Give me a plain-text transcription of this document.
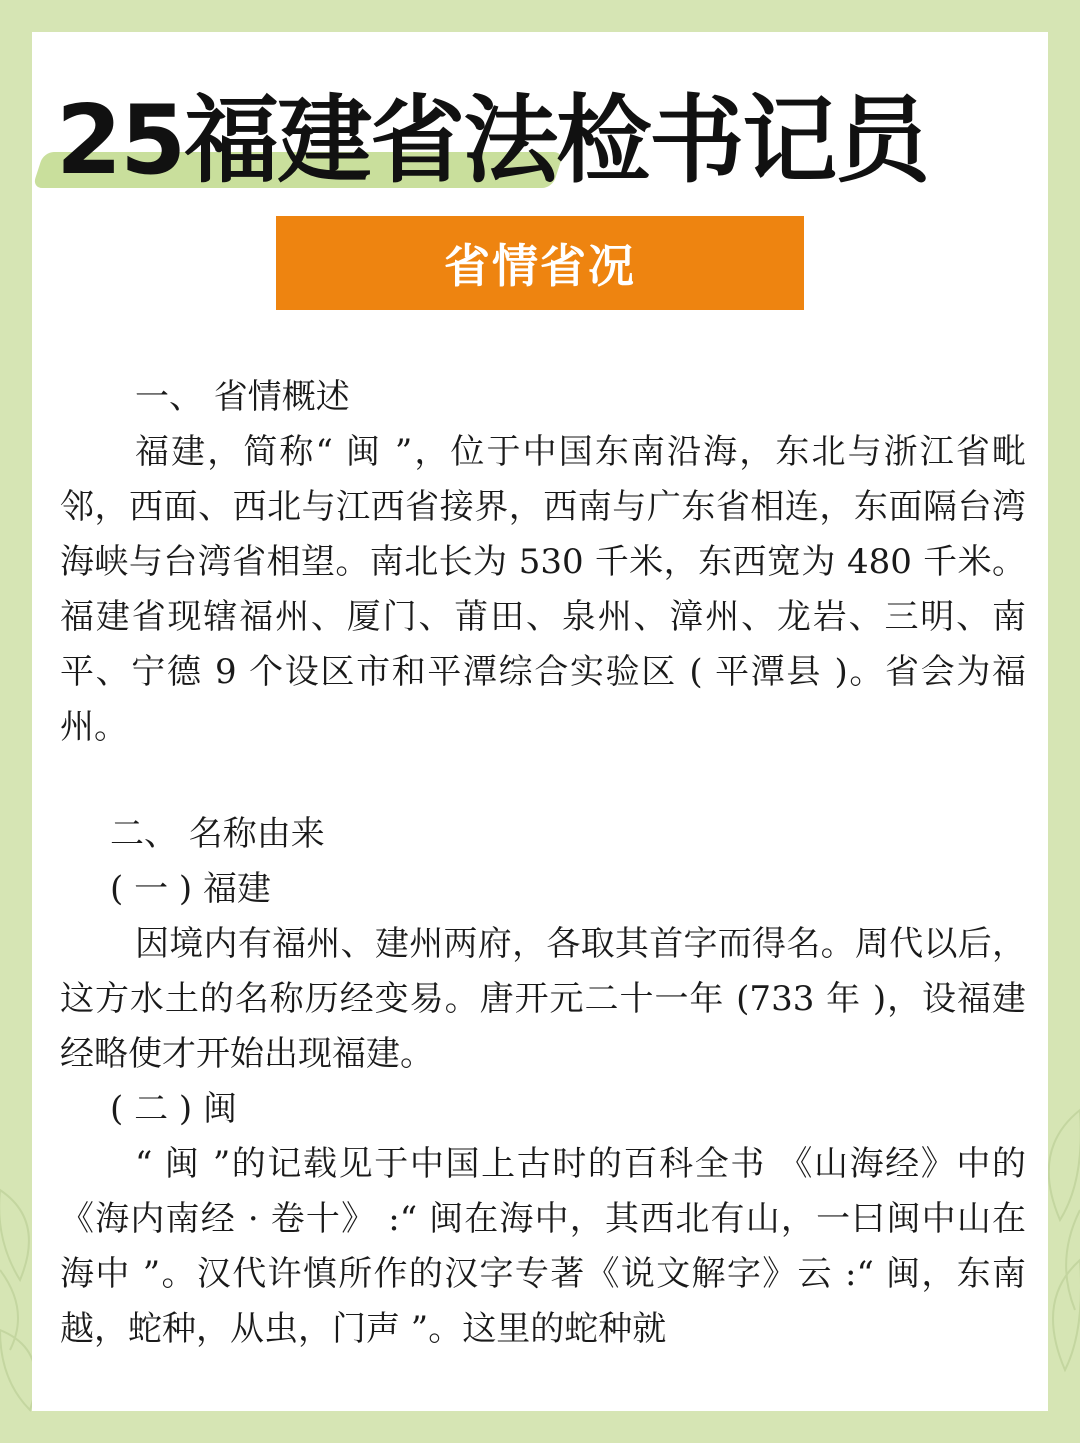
25福建省法检书记员
省情省况

一、 省情概述

福建，简称“ 闽 ”，位于中国东南沿海，东北与浙江省毗邻，西面、西北与江西省接界，西南与广东省相连，东面隔台湾海峡与台湾省相望。南北长为 530 千米，东西宽为 480 千米。福建省现辖福州、厦门、莆田、泉州、漳州、龙岩、三明、南平、宁德 9 个设区市和平潭综合实验区 ( 平潭县 )。省会为福州。

二、 名称由来

( 一 ) 福建

因境内有福州、建州两府，各取其首字而得名。周代以后，这方水土的名称历经变易。唐开元二十一年 (733 年 )，设福建经略使才开始出现福建。

( 二 ) 闽

“ 闽 ”的记载见于中国上古时的百科全书 《山海经》中的 《海内南经 · 卷十》 :“ 闽在海中，其西北有山，一曰闽中山在海中 ”。汉代许慎所作的汉字专著《说文解字》云 :“ 闽，东南越，蛇种，从虫，门声 ”。这里的蛇种就
